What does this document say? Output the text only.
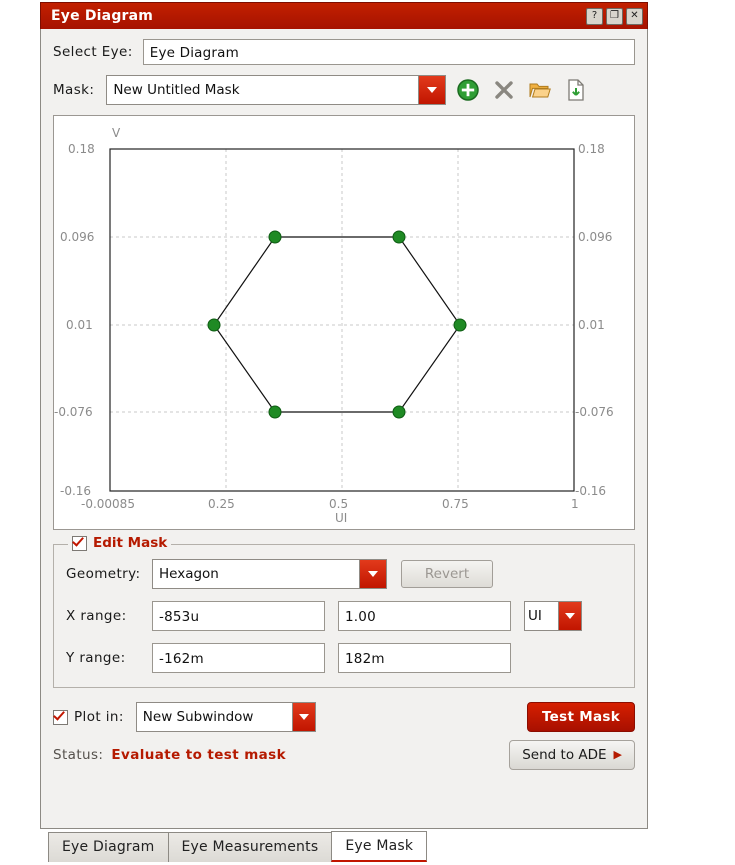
Eye Diagram	?	❐	✕
Select Eye:	Eye Diagram
Mask:	New Untitled Mask
V
0.18
0.096
0.01
-0.076
-0.16
0.18
0.096
0.01
-0.076
-0.16
-0.00085	0.25	0.5	0.75	1
UI
Edit Mask
Geometry:	Hexagon	Revert
X range:	-853u	1.00	UI
Y range:	-162m	182m
Plot in:	New Subwindow	Test Mask
Status: Evaluate to test mask	Send to ADE ▶
Eye Diagram	Eye Measurements	Eye Mask
